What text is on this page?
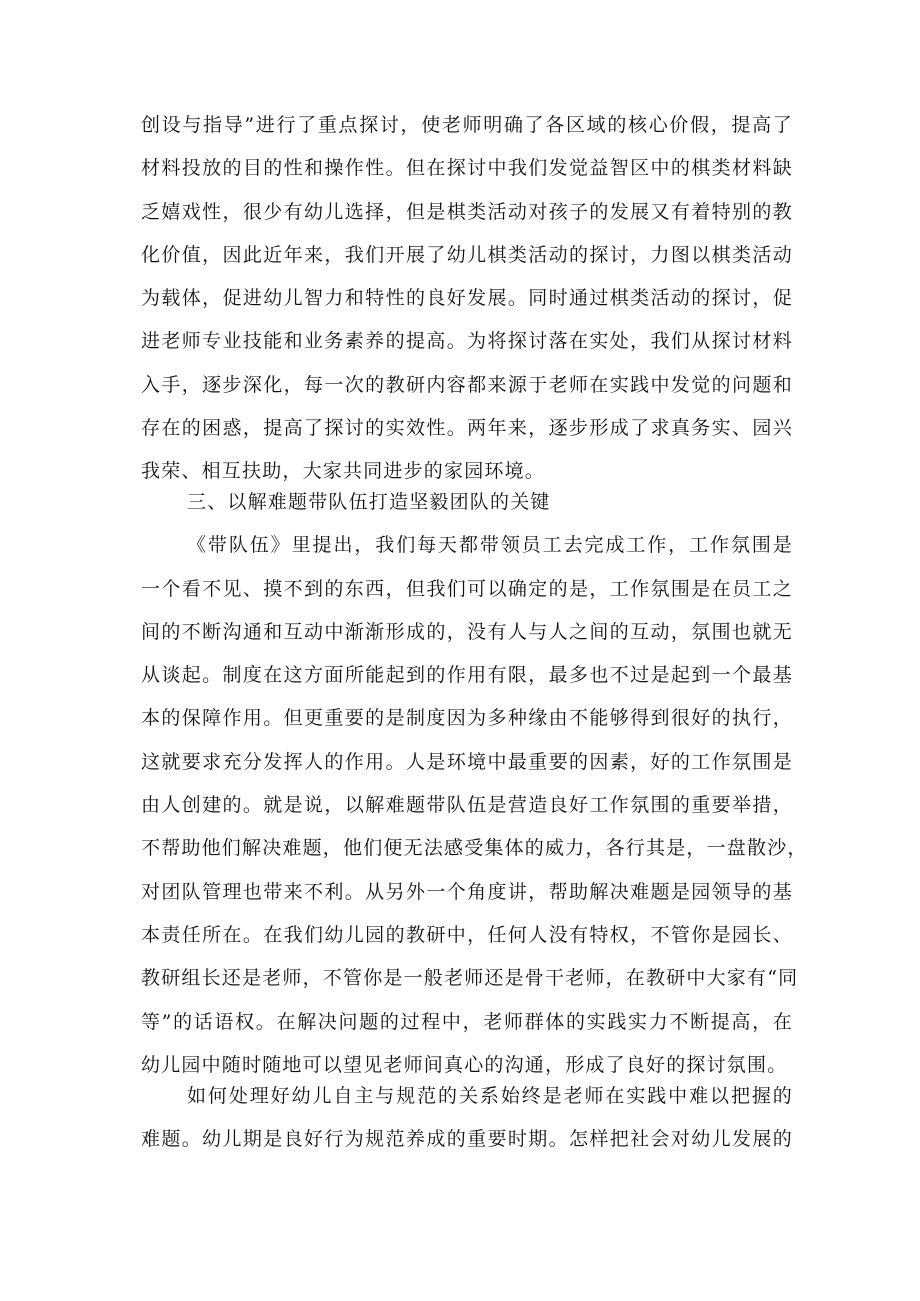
创设与指导”进行了重点探讨，使老师明确了各区域的核心价假，提高了
材料投放的目的性和操作性。但在探讨中我们发觉益智区中的棋类材料缺
乏嬉戏性，很少有幼儿选择，但是棋类活动对孩子的发展又有着特别的教
化价值，因此近年来，我们开展了幼儿棋类活动的探讨，力图以棋类活动
为载体，促进幼儿智力和特性的良好发展。同时通过棋类活动的探讨，促
进老师专业技能和业务素养的提高。为将探讨落在实处，我们从探讨材料
入手，逐步深化，每一次的教研内容都来源于老师在实践中发觉的问题和
存在的困惑，提高了探讨的实效性。两年来，逐步形成了求真务实、园兴
我荣、相互扶助，大家共同进步的家园环境。
三、以解难题带队伍打造坚毅团队的关键
《带队伍》里提出，我们每天都带领员工去完成工作，工作氛围是
一个看不见、摸不到的东西，但我们可以确定的是，工作氛围是在员工之
间的不断沟通和互动中渐渐形成的，没有人与人之间的互动，氛围也就无
从谈起。制度在这方面所能起到的作用有限，最多也不过是起到一个最基
本的保障作用。但更重要的是制度因为多种缘由不能够得到很好的执行，
这就要求充分发挥人的作用。人是环境中最重要的因素，好的工作氛围是
由人创建的。就是说，以解难题带队伍是营造良好工作氛围的重要举措，
不帮助他们解决难题，他们便无法感受集体的威力，各行其是，一盘散沙，
对团队管理也带来不利。从另外一个角度讲，帮助解决难题是园领导的基
本责任所在。在我们幼儿园的教研中，任何人没有特权，不管你是园长、
教研组长还是老师，不管你是一般老师还是骨干老师，在教研中大家有“同
等”的话语权。在解决问题的过程中，老师群体的实践实力不断提高，在
幼儿园中随时随地可以望见老师间真心的沟通，形成了良好的探讨氛围。
如何处理好幼儿自主与规范的关系始终是老师在实践中难以把握的
难题。幼儿期是良好行为规范养成的重要时期。怎样把社会对幼儿发展的
